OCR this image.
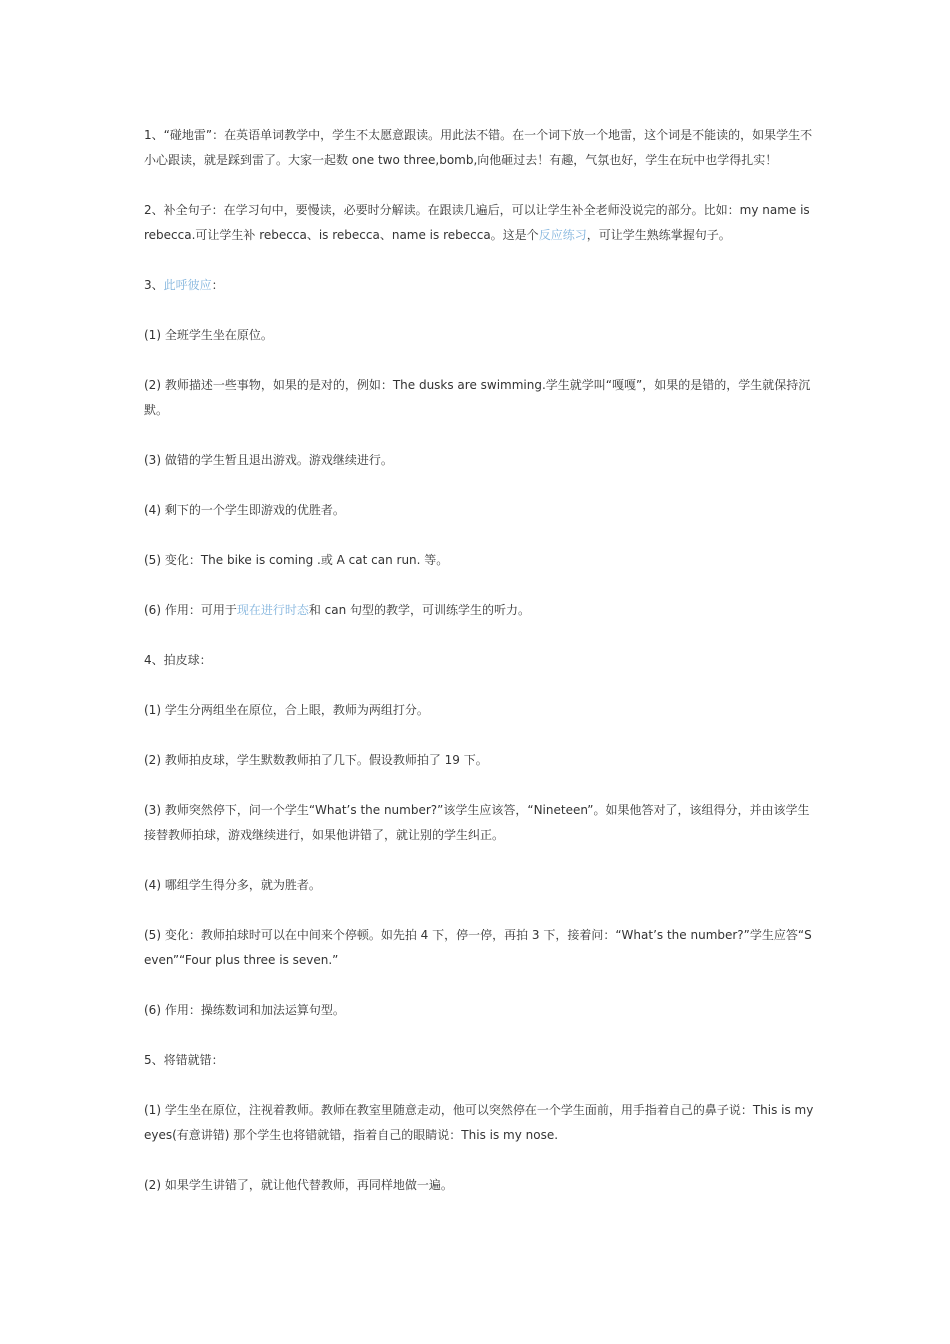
1、“碰地雷”：在英语单词教学中，学生不太愿意跟读。用此法不错。在一个词下放一个地雷，这个词是不能读的，如果学生不小心跟读，就是踩到雷了。大家一起数 one two three,bomb,向他砸过去！有趣，气氛也好，学生在玩中也学得扎实！

2、补全句子：在学习句中，要慢读，必要时分解读。在跟读几遍后，可以让学生补全老师没说完的部分。比如：my name is rebecca.可让学生补 rebecca、is rebecca、name is rebecca。这是个反应练习，可让学生熟练掌握句子。

3、此呼彼应：

(1) 全班学生坐在原位。

(2) 教师描述一些事物，如果的是对的，例如：The dusks are swimming.学生就学叫“嘎嘎”，如果的是错的，学生就保持沉默。

(3) 做错的学生暂且退出游戏。游戏继续进行。

(4) 剩下的一个学生即游戏的优胜者。

(5) 变化：The bike is coming .或 A cat can run. 等。

(6) 作用：可用于现在进行时态和 can 句型的教学，可训练学生的听力。

4、拍皮球：

(1) 学生分两组坐在原位，合上眼，教师为两组打分。

(2) 教师拍皮球，学生默数教师拍了几下。假设教师拍了 19 下。

(3) 教师突然停下，问一个学生“What’s the number?”该学生应该答，“Nineteen”。如果他答对了，该组得分，并由该学生接替教师拍球，游戏继续进行，如果他讲错了，就让别的学生纠正。

(4) 哪组学生得分多，就为胜者。

(5) 变化：教师拍球时可以在中间来个停顿。如先拍 4 下，停一停，再拍 3 下，接着问：“What’s the number?”学生应答“Seven”“Four plus three is seven.”

(6) 作用：操练数词和加法运算句型。

5、将错就错：

(1) 学生坐在原位，注视着教师。教师在教室里随意走动，他可以突然停在一个学生面前，用手指着自己的鼻子说：This is my eyes(有意讲错) 那个学生也将错就错，指着自己的眼睛说：This is my nose.

(2) 如果学生讲错了，就让他代替教师，再同样地做一遍。
